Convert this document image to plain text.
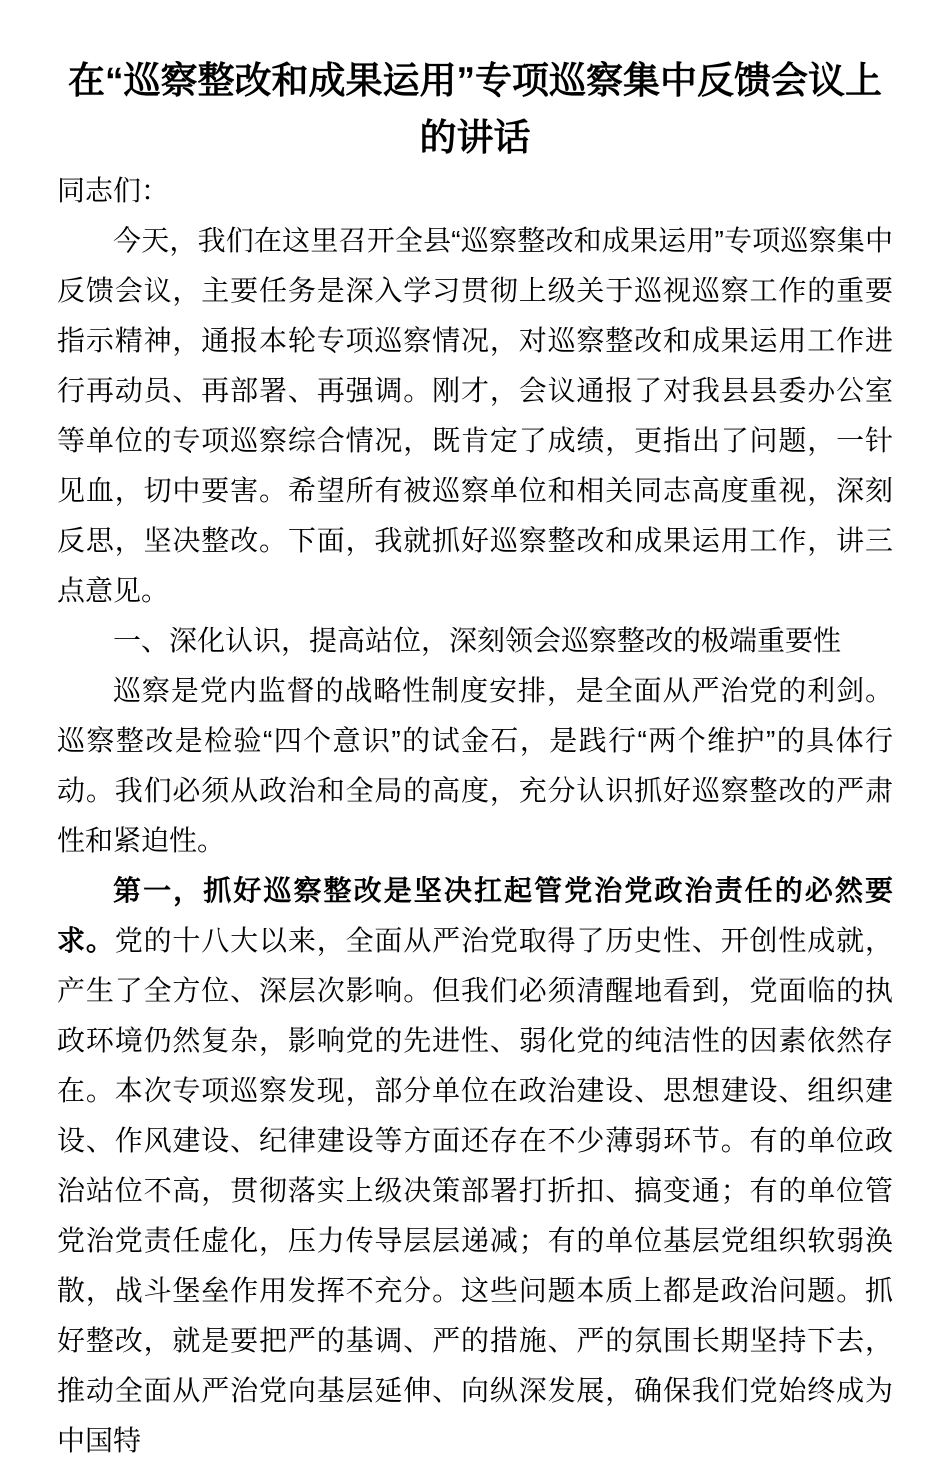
在“巡察整改和成果运用”专项巡察集中反馈会议上的讲话

同志们：

今天，我们在这里召开全县“巡察整改和成果运用”专项巡察集中反馈会议，主要任务是深入学习贯彻上级关于巡视巡察工作的重要指示精神，通报本轮专项巡察情况，对巡察整改和成果运用工作进行再动员、再部署、再强调。刚才，会议通报了对我县县委办公室等单位的专项巡察综合情况，既肯定了成绩，更指出了问题，一针见血，切中要害。希望所有被巡察单位和相关同志高度重视，深刻反思，坚决整改。下面，我就抓好巡察整改和成果运用工作，讲三点意见。

一、深化认识，提高站位，深刻领会巡察整改的极端重要性

巡察是党内监督的战略性制度安排，是全面从严治党的利剑。巡察整改是检验“四个意识”的试金石，是践行“两个维护”的具体行动。我们必须从政治和全局的高度，充分认识抓好巡察整改的严肃性和紧迫性。

第一，抓好巡察整改是坚决扛起管党治党政治责任的必然要求。党的十八大以来，全面从严治党取得了历史性、开创性成就，产生了全方位、深层次影响。但我们必须清醒地看到，党面临的执政环境仍然复杂，影响党的先进性、弱化党的纯洁性的因素依然存在。本次专项巡察发现，部分单位在政治建设、思想建设、组织建设、作风建设、纪律建设等方面还存在不少薄弱环节。有的单位政治站位不高，贯彻落实上级决策部署打折扣、搞变通；有的单位管党治党责任虚化，压力传导层层递减；有的单位基层党组织软弱涣散，战斗堡垒作用发挥不充分。这些问题本质上都是政治问题。抓好整改，就是要把严的基调、严的措施、严的氛围长期坚持下去，推动全面从严治党向基层延伸、向纵深发展，确保我们党始终成为中国特
